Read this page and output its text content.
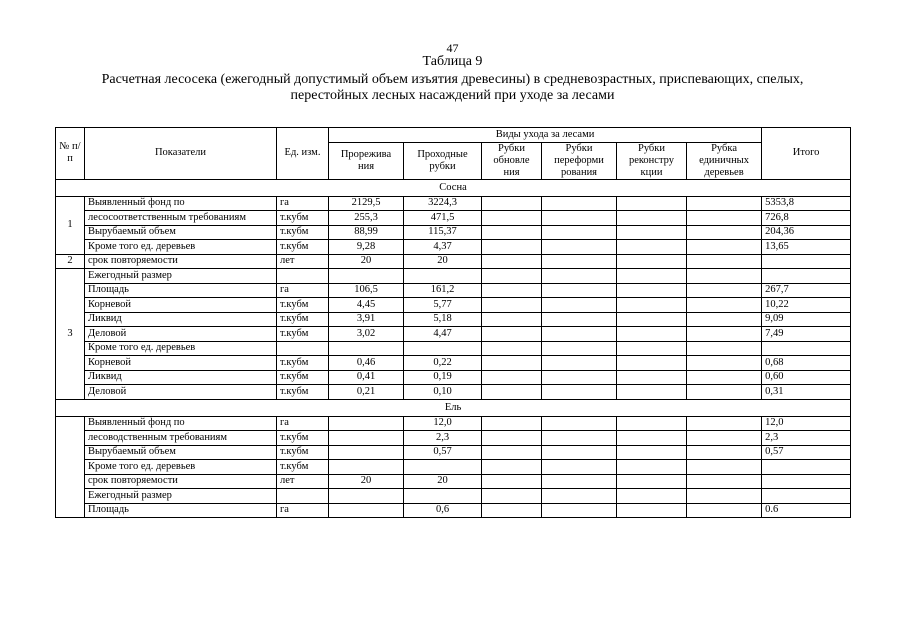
47
Таблица 9
Расчетная лесосека (ежегодный допустимый объем изъятия древесины) в средневозрастных, приспевающих, спелых,
перестойных лесных насаждений при уходе за лесами
№ п/п	Показатели	Ед. изм.	Виды ухода за лесами						Итого
			Прорежива ния	Проходные рубки	Рубки обновле ния	Рубки переформи рования	Рубки реконстру кции	Рубка единичных деревьев	
Сосна									
1	Выявленный фонд по	га	2129,5	3224,3					5353,8
	лесосоответственным требованиям	т.кубм	255,3	471,5					726,8
	Вырубаемый объем	т.кубм	88,99	115,37					204,36
	Кроме того ед. деревьев	т.кубм	9,28	4,37					13,65
2	срок повторяемости	лет	20	20					
3	Ежегодный размер								
	Площадь	га	106,5	161,2					267,7
	Корневой	т.кубм	4,45	5,77					10,22
	Ликвид	т.кубм	3,91	5,18					9,09
	Деловой	т.кубм	3,02	4,47					7,49
	Кроме того ед. деревьев								
	Корневой	т.кубм	0,46	0,22					0,68
	Ликвид	т.кубм	0,41	0,19					0,60
	Деловой	т.кубм	0,21	0,10					0,31
Ель									
	Выявленный фонд по	га		12,0					12,0
	лесоводственным требованиям	т.кубм		2,3					2,3
	Вырубаемый объем	т.кубм		0,57					0,57
	Кроме того ед. деревьев	т.кубм							
	срок повторяемости	лет	20	20					
	Ежегодный размер								
	Площадь	га		0,6					0.6
